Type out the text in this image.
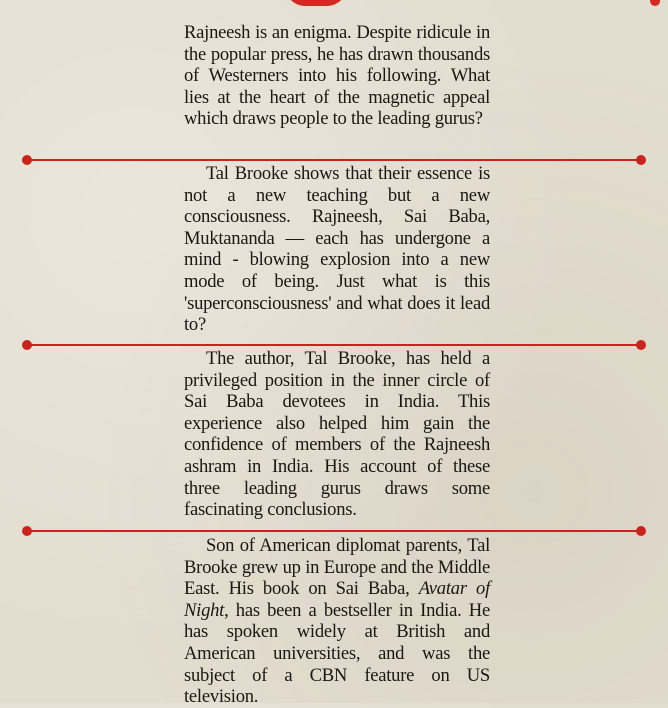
Rajneesh is an enigma. Despite ridicule in the popular press, he has drawn thousands of Westerners into his following. What lies at the heart of the magnetic appeal which draws people to the leading gurus?

Tal Brooke shows that their essence is not a new teaching but a new consciousness. Rajneesh, Sai Baba, Muktananda — each has undergone a mind - blowing explosion into a new mode of being. Just what is this 'superconsciousness' and what does it lead to?

The author, Tal Brooke, has held a privileged position in the inner circle of Sai Baba devotees in India. This experience also helped him gain the confidence of members of the Rajneesh ashram in India. His account of these three leading gurus draws some fascinating conclusions.

Son of American diplomat parents, Tal Brooke grew up in Europe and the Middle East. His book on Sai Baba, Avatar of Night, has been a bestseller in India. He has spoken widely at British and American universities, and was the subject of a CBN feature on US television.
